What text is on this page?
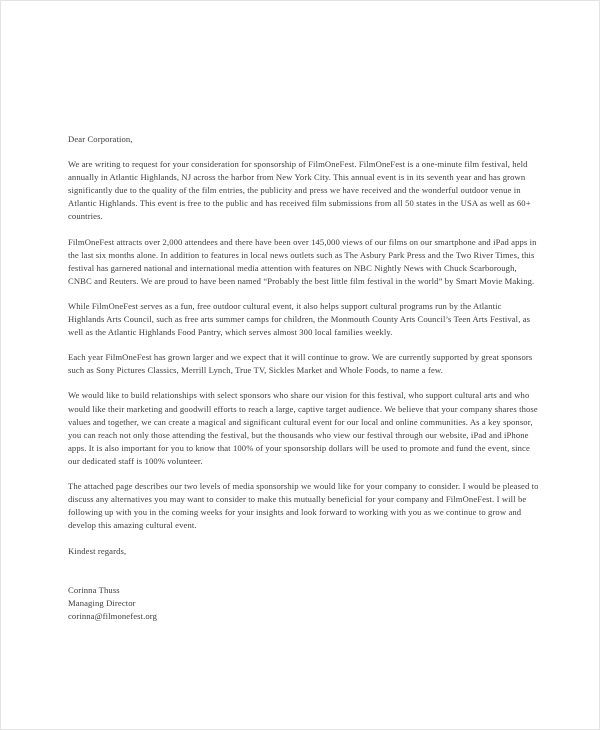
Dear Corporation,

We are writing to request for your consideration for sponsorship of FilmOneFest. FilmOneFest is a one-minute film festival, held annually in Atlantic Highlands, NJ across the harbor from New York City. This annual event is in its seventh year and has grown significantly due to the quality of the film entries, the publicity and press we have received and the wonderful outdoor venue in Atlantic Highlands. This event is free to the public and has received film submissions from all 50 states in the USA as well as 60+ countries.

FilmOneFest attracts over 2,000 attendees and there have been over 145,000 views of our films on our smartphone and iPad apps in the last six months alone. In addition to features in local news outlets such as The Asbury Park Press and the Two River Times, this festival has garnered national and international media attention with features on NBC Nightly News with Chuck Scarborough, CNBC and Reuters. We are proud to have been named “Probably the best little film festival in the world” by Smart Movie Making.

While FilmOneFest serves as a fun, free outdoor cultural event, it also helps support cultural programs run by the Atlantic Highlands Arts Council, such as free arts summer camps for children, the Monmouth County Arts Council’s Teen Arts Festival, as well as the Atlantic Highlands Food Pantry, which serves almost 300 local families weekly.

Each year FilmOneFest has grown larger and we expect that it will continue to grow. We are currently supported by great sponsors such as Sony Pictures Classics, Merrill Lynch, True TV, Sickles Market and Whole Foods, to name a few.

We would like to build relationships with select sponsors who share our vision for this festival, who support cultural arts and who would like their marketing and goodwill efforts to reach a large, captive target audience. We believe that your company shares those values and together, we can create a magical and significant cultural event for our local and online communities. As a key sponsor, you can reach not only those attending the festival, but the thousands who view our festival through our website, iPad and iPhone apps. It is also important for you to know that 100% of your sponsorship dollars will be used to promote and fund the event, since our dedicated staff is 100% volunteer.

The attached page describes our two levels of media sponsorship we would like for your company to consider. I would be pleased to discuss any alternatives you may want to consider to make this mutually beneficial for your company and FilmOneFest. I will be following up with you in the coming weeks for your insights and look forward to working with you as we continue to grow and develop this amazing cultural event.

Kindest regards,

Corinna Thuss
Managing Director
corinna@filmonefest.org
